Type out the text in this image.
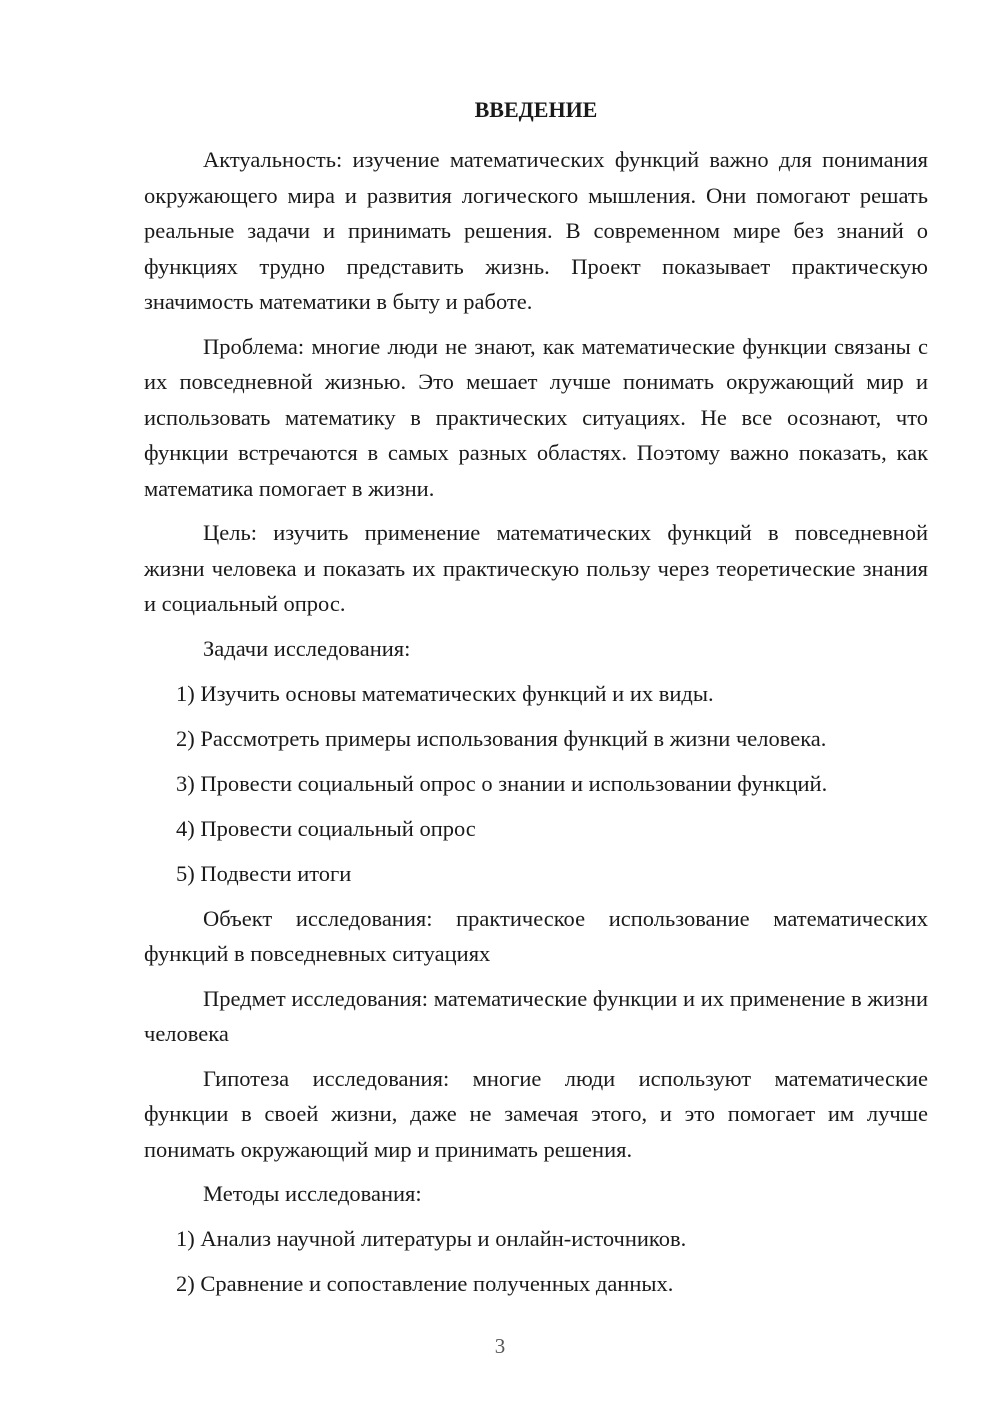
ВВЕДЕНИЕ

Актуальность: изучение математических функций важно для понимания окружающего мира и развития логического мышления. Они помогают решать реальные задачи и принимать решения. В современном мире без знаний о функциях трудно представить жизнь. Проект показывает практическую значимость математики в быту и работе.

Проблема: многие люди не знают, как математические функции связаны с их повседневной жизнью. Это мешает лучше понимать окружающий мир и использовать математику в практических ситуациях. Не все осознают, что функции встречаются в самых разных областях. Поэтому важно показать, как математика помогает в жизни.

Цель: изучить применение математических функций в повседневной жизни человека и показать их практическую пользу через теоретические знания и социальный опрос.

Задачи исследования:
1) Изучить основы математических функций и их виды.
2) Рассмотреть примеры использования функций в жизни человека.
3) Провести социальный опрос о знании и использовании функций.
4) Провести социальный опрос
5) Подвести итоги

Объект исследования: практическое использование математических функций в повседневных ситуациях

Предмет исследования: математические функции и их применение в жизни человека

Гипотеза исследования: многие люди используют математические функции в своей жизни, даже не замечая этого, и это помогает им лучше понимать окружающий мир и принимать решения.

Методы исследования:
1) Анализ научной литературы и онлайн-источников.
2) Сравнение и сопоставление полученных данных.
3
